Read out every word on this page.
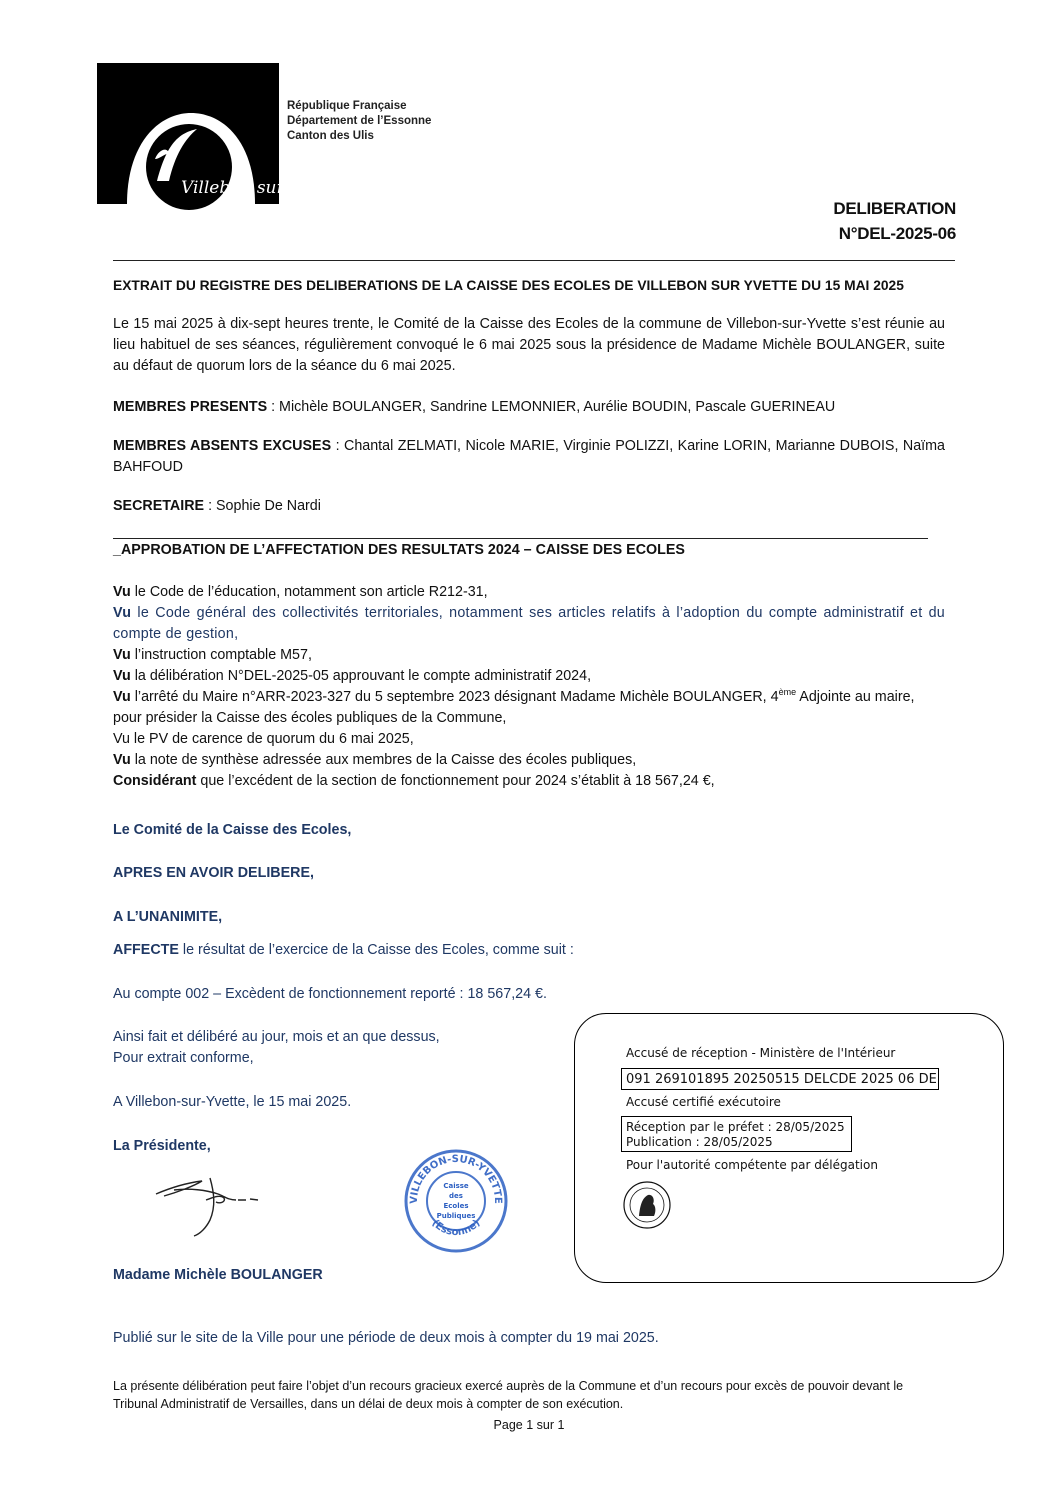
Villebon sur Yvette
République Française
Département de l’Essonne
Canton des Ulis
DELIBERATION
N°DEL-2025-06
EXTRAIT DU REGISTRE DES DELIBERATIONS DE LA CAISSE DES ECOLES DE VILLEBON SUR YVETTE DU 15 MAI 2025
Le 15 mai 2025 à dix-sept heures trente, le Comité de la Caisse des Ecoles de la commune de Villebon-sur-Yvette s’est réunie au lieu habituel de ses séances, régulièrement convoqué le 6 mai 2025 sous la présidence de Madame Michèle BOULANGER, suite au défaut de quorum lors de la séance du 6 mai 2025.
MEMBRES PRESENTS : Michèle BOULANGER, Sandrine LEMONNIER, Aurélie BOUDIN, Pascale GUERINEAU
MEMBRES ABSENTS EXCUSES : Chantal ZELMATI, Nicole MARIE, Virginie POLIZZI, Karine LORIN, Marianne DUBOIS, Naïma BAHFOUD
SECRETAIRE : Sophie De Nardi
_APPROBATION DE L’AFFECTATION DES RESULTATS 2024 – CAISSE DES ECOLES
Vu le Code de l’éducation, notamment son article R212-31,
Vu le Code général des collectivités territoriales, notamment ses articles relatifs à l’adoption du compte administratif et du compte de gestion,
Vu l’instruction comptable M57,
Vu la délibération N°DEL-2025-05 approuvant le compte administratif 2024,
Vu l’arrêté du Maire n°ARR-2023-327 du 5 septembre 2023 désignant Madame Michèle BOULANGER, 4ème Adjointe au maire, pour présider la Caisse des écoles publiques de la Commune,
Vu le PV de carence de quorum du 6 mai 2025,
Vu la note de synthèse adressée aux membres de la Caisse des écoles publiques,
Considérant que l’excédent de la section de fonctionnement pour 2024 s’établit à 18 567,24 €,
Le Comité de la Caisse des Ecoles,
APRES EN AVOIR DELIBERE,
A L’UNANIMITE,
AFFECTE le résultat de l’exercice de la Caisse des Ecoles, comme suit :
Au compte 002 – Excèdent de fonctionnement reporté : 18 567,24 €.
Ainsi fait et délibéré au jour, mois et an que dessus,
Pour extrait conforme,
A Villebon-sur-Yvette, le 15 mai 2025.
La Présidente,
VILLEBON-SUR-YVETTE
(Essonne)
Caisse
des
Ecoles
Publiques
Madame Michèle BOULANGER
Accusé de réception - Ministère de l'Intérieur
091 269101895 20250515 DELCDE 2025 06 DE
Accusé certifié exécutoire
Réception par le préfet : 28/05/2025
Publication : 28/05/2025
Pour l'autorité compétente par délégation
Publié sur le site de la Ville pour une période de deux mois à compter du 19 mai 2025.
La présente délibération peut faire l’objet d’un recours gracieux exercé auprès de la Commune et d’un recours pour excès de pouvoir devant le Tribunal Administratif de Versailles, dans un délai de deux mois à compter de son exécution.
Page 1 sur 1
